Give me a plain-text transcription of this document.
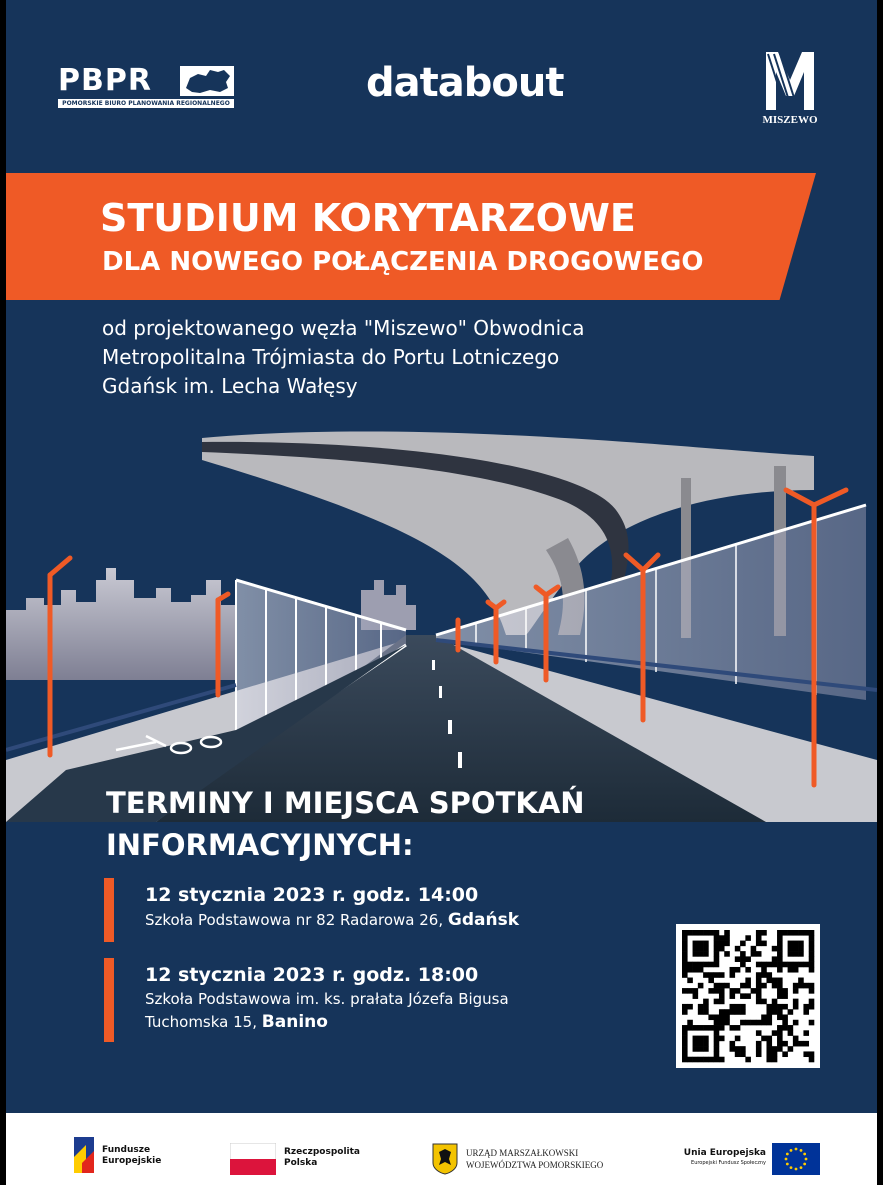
PBPR
POMORSKIE BIURO PLANOWANIA REGIONALNEGO	databout
MISZEWO
STUDIUM KORYTARZOWE
DLA NOWEGO POŁĄCZENIA DROGOWEGO
od projektowanego węzła "Miszewo" Obwodnica
Metropolitalna Trójmiasta do Portu Lotniczego
Gdańsk im. Lecha Wałęsy
TERMINY I MIEJSCA SPOTKAŃ
INFORMACYJNYCH:
12 stycznia 2023 r. godz. 14:00
Szkoła Podstawowa nr 82 Radarowa 26, Gdańsk
12 stycznia 2023 r. godz. 18:00
Szkoła Podstawowa im. ks. prałata Józefa Bigusa
Tuchomska 15, Banino
Fundusze
Europejskie
Rzeczpospolita
Polska
URZĄD MARSZAŁKOWSKI
WOJEWÓDZTWA POMORSKIEGO
Unia Europejska
Europejski Fundusz Społeczny
